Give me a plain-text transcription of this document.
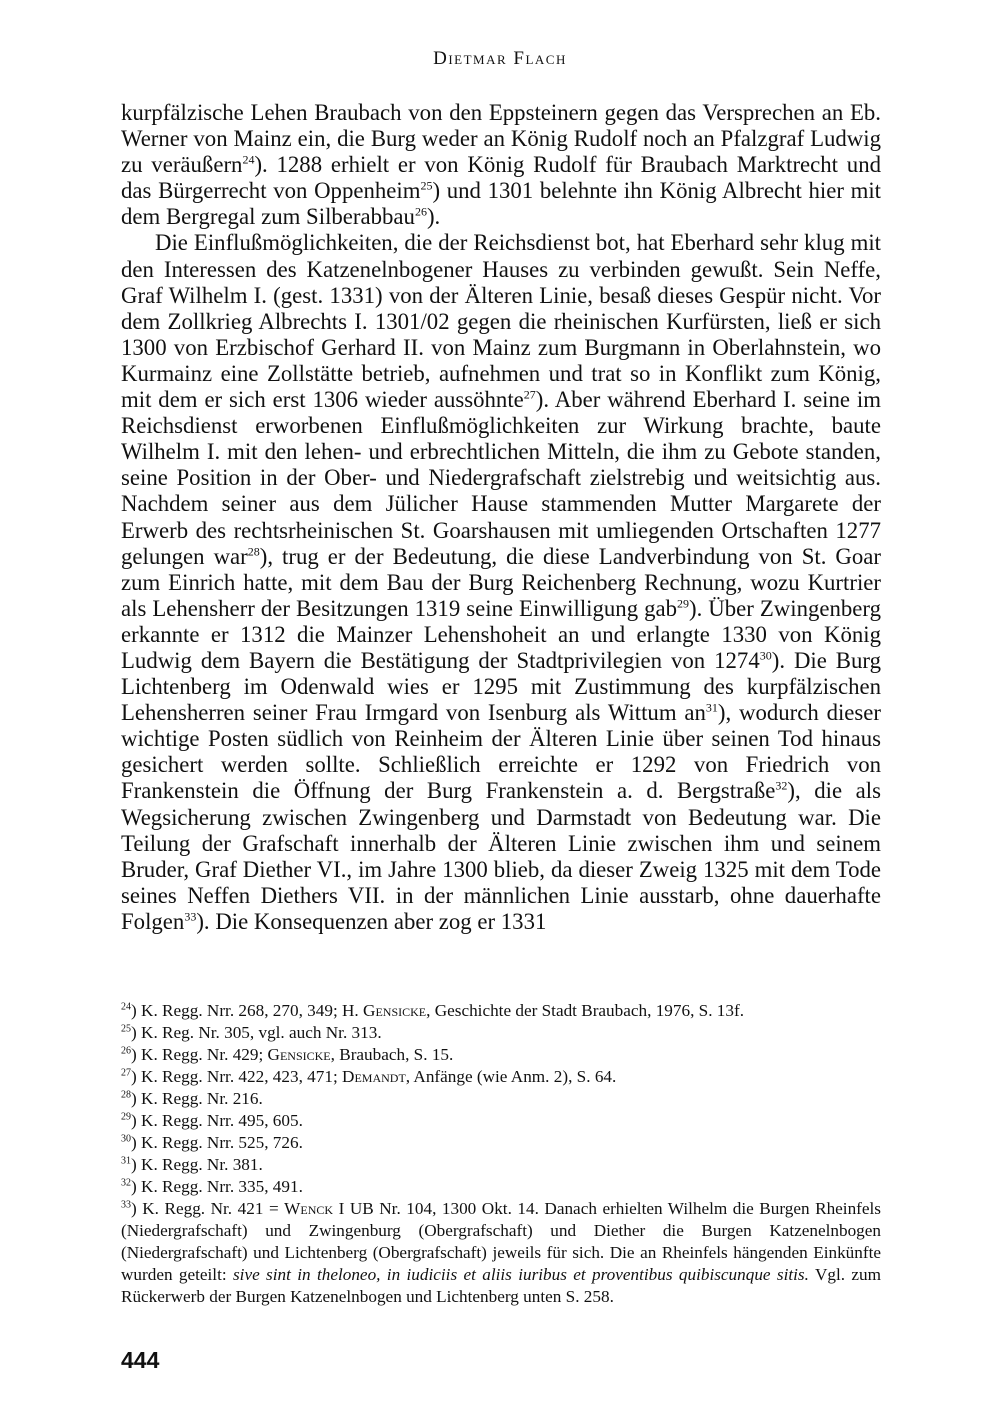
Dietmar Flach

kurpfälzische Lehen Braubach von den Eppsteinern gegen das Versprechen an Eb. Werner von Mainz ein, die Burg weder an König Rudolf noch an Pfalzgraf Ludwig zu veräußern$^{24}$). 1288 erhielt er von König Rudolf für Braubach Marktrecht und das Bürgerrecht von Oppenheim$^{25}$) und 1301 belehnte ihn König Albrecht hier mit dem Bergregal zum Silberabbau$^{26}$).

Die Einflußmöglichkeiten, die der Reichsdienst bot, hat Eberhard sehr klug mit den Interessen des Katzenelnbogener Hauses zu verbinden gewußt. Sein Neffe, Graf Wilhelm I. (gest. 1331) von der Älteren Linie, besaß dieses Gespür nicht. Vor dem Zollkrieg Albrechts I. 1301/02 gegen die rheinischen Kurfürsten, ließ er sich 1300 von Erzbischof Gerhard II. von Mainz zum Burgmann in Oberlahnstein, wo Kurmainz eine Zollstätte betrieb, aufnehmen und trat so in Konflikt zum König, mit dem er sich erst 1306 wieder aussöhnte$^{27}$). Aber während Eberhard I. seine im Reichsdienst erworbenen Einflußmöglichkeiten zur Wirkung brachte, baute Wilhelm I. mit den lehen- und erbrechtlichen Mitteln, die ihm zu Gebote standen, seine Position in der Ober- und Niedergrafschaft zielstrebig und weitsichtig aus. Nachdem seiner aus dem Jülicher Hause stammenden Mutter Margarete der Erwerb des rechtsrheinischen St. Goarshausen mit umliegenden Ortschaften 1277 gelungen war$^{28}$), trug er der Bedeutung, die diese Landverbindung von St. Goar zum Einrich hatte, mit dem Bau der Burg Reichenberg Rechnung, wozu Kurtrier als Lehensherr der Besitzungen 1319 seine Einwilligung gab$^{29}$). Über Zwingenberg erkannte er 1312 die Mainzer Lehenshoheit an und erlangte 1330 von König Ludwig dem Bayern die Bestätigung der Stadtprivilegien von 1274$^{30}$). Die Burg Lichtenberg im Odenwald wies er 1295 mit Zustimmung des kurpfälzischen Lehensherren seiner Frau Irmgard von Isenburg als Wittum $an^{31}$), wodurch dieser wichtige Posten südlich von Reinheim der Älteren Linie über seinen Tod hinaus gesichert werden sollte. Schließlich erreichte er 1292 von Friedrich von Frankenstein die Öffnung der Burg Frankenstein a. d. Bergstraße$^{32}$), die als Wegsicherung zwischen Zwingenberg und Darmstadt von Bedeutung war. Die Teilung der Grafschaft innerhalb der Älteren Linie zwischen ihm und seinem Bruder, Graf Diether VI., im Jahre 1300 blieb, da dieser Zweig 1325 mit dem Tode seines Neffen Diethers VII. in der männlichen Linie ausstarb, ohne dauerhafte Folgen$^{33}$). Die Konsequenzen aber zog er 1331

$^{24}$) K. Regg. Nrr. 268, 270, 349; H. Gensicke, Geschichte der Stadt Braubach, 1976, S. 13f.

$^{25}$) K. Reg. Nr. 305, vgl. auch Nr. 313.

$^{26}$) K. Regg. Nr. 429; Gensicke, Braubach, S. 15.

$^{27}$) K. Regg. Nrr. 422, 423, 471; Demandt, Anfänge (wie Anm. 2), S. 64.

$^{28}$) K. Regg. Nr. 216.

$^{29}$) K. Regg. Nrr. 495, 605.

$^{30}$) K. Regg. Nrr. 525, 726.

$^{31}$) K. Regg. Nr. 381.

$^{32}$) K. Regg. Nrr. 335, 491.

$^{33}$) K. Regg. Nr. 421 = Wenck I UB Nr. 104, 1300 Okt. 14. Danach erhielten Wilhelm die Burgen Rheinfels (Niedergrafschaft) und Zwingenburg (Obergrafschaft) und Diether die Burgen Katzenelnbogen (Niedergrafschaft) und Lichtenberg (Obergrafschaft) jeweils für sich. Die an Rheinfels hängenden Einkünfte wurden geteilt: sive sint in theloneo, in iudiciis et aliis iuribus et proventibus quibiscunque sitis. Vgl. zum Rückerwerb der Burgen Katzenelnbogen und Lichtenberg unten S. 258.

444
